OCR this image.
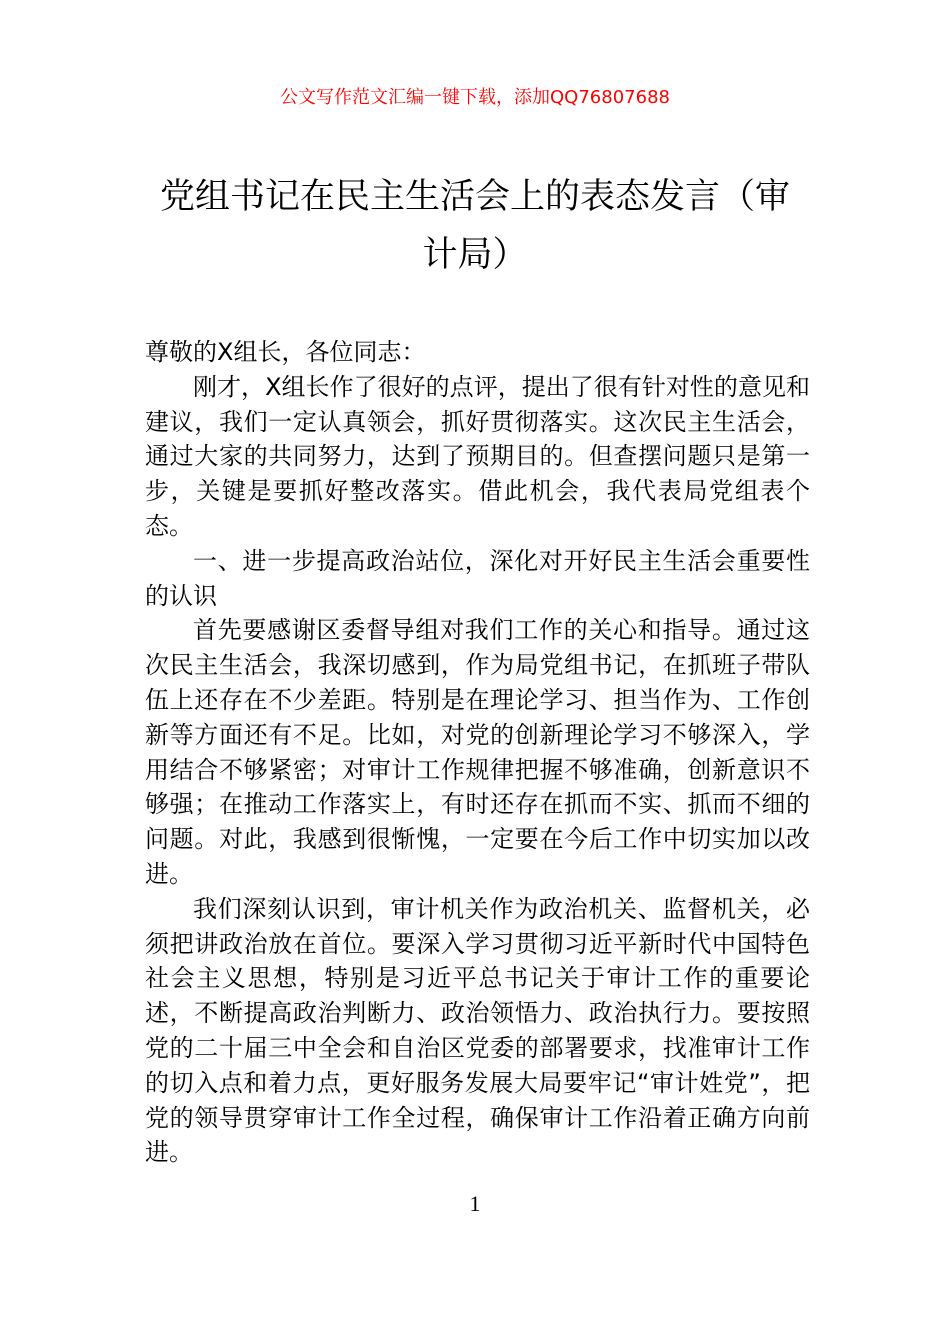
公文写作范文汇编一键下载，添加QQ76807688
党组书记在民主生活会上的表态发言（审
计局）

尊敬的X组长，各位同志：

刚才，X组长作了很好的点评，提出了很有针对性的意见和建议，我们一定认真领会，抓好贯彻落实。这次民主生活会，通过大家的共同努力，达到了预期目的。但查摆问题只是第一步，关键是要抓好整改落实。借此机会，我代表局党组表个态。

一、进一步提高政治站位，深化对开好民主生活会重要性的认识

首先要感谢区委督导组对我们工作的关心和指导。通过这次民主生活会，我深切感到，作为局党组书记，在抓班子带队伍上还存在不少差距。特别是在理论学习、担当作为、工作创新等方面还有不足。比如，对党的创新理论学习不够深入，学用结合不够紧密；对审计工作规律把握不够准确，创新意识不够强；在推动工作落实上，有时还存在抓而不实、抓而不细的问题。对此，我感到很惭愧，一定要在今后工作中切实加以改进。

我们深刻认识到，审计机关作为政治机关、监督机关，必须把讲政治放在首位。要深入学习贯彻习近平新时代中国特色社会主义思想，特别是习近平总书记关于审计工作的重要论述，不断提高政治判断力、政治领悟力、政治执行力。要按照党的二十届三中全会和自治区党委的部署要求，找准审计工作的切入点和着力点，更好服务发展大局要牢记“审计姓党”，把党的领导贯穿审计工作全过程，确保审计工作沿着正确方向前进。

1
